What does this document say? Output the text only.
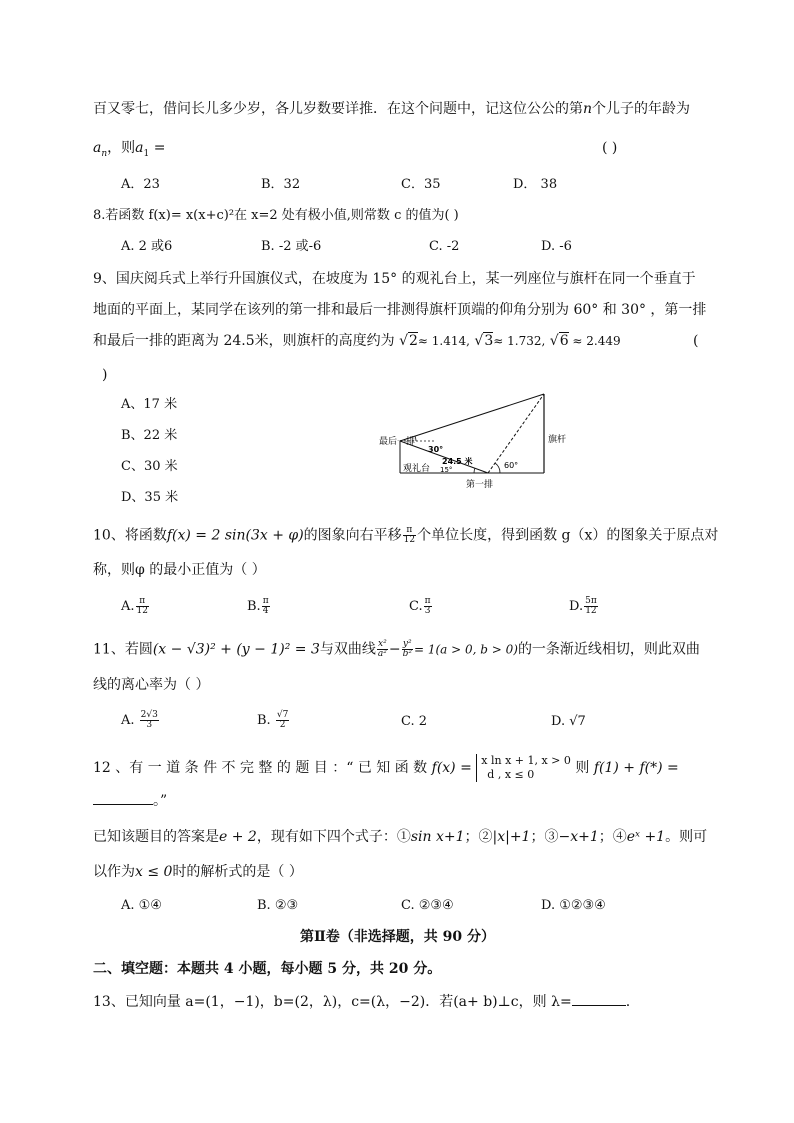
百又零七，借问长儿多少岁，各儿岁数要详推．在这个问题中，记这位公公的第n个儿子的年龄为
$a_n$，则$a_1$ =	( )
A．23	B．32	C．35	D． 38
8.若函数 f(x)= x(x+c)²在 x=2 处有极小值,则常数 c 的值为( )
A. 2 或6	B. -2 或-6	C. -2	D. -6
9、国庆阅兵式上举行升国旗仪式，在坡度为 15° 的观礼台上，某一列座位与旗杆在同一个垂直于
地面的平面上，某同学在该列的第一排和最后一排测得旗杆顶端的仰角分别为 60° 和 30° ，第一排
和最后一排的距离为 24.5米，则旗杆的高度约为 √2≈ 1.414, √3≈ 1.732, √6 ≈ 2.449	(
)
A、17 米
B、22 米
C、30 米
D、35 米
最后一排	旗杆
30°
24.5 米
观礼台 15°
第一排
60°
10、将函数f(x) = 2 sin(3x + φ)的图象向右平移 $\frac{\pi}{12}$ 个单位长度，得到函数 g（x）的图象关于原点对
称，则φ 的最小正值为（ ）
A. $\frac{\pi}{12}$	B. $\frac{\pi}{4}$	C. $\frac{\pi}{3}$	D. $\frac{5\pi}{12}$
11、若圆(x − √3)² + (y − 1)² = 3与双曲线 $\frac{\text{x²}}{\text{a²}} - \frac{\text{y²}}{\text{b²}} = 1(a > 0$, b > 0)的一条渐近线相切，则此双曲
线的离心率为（ ）
A. $\frac{2√3}{3}$	B. $\frac{√7}{2}$	C. 2	D. √7
12 、有 一 道 条 件 不 完 整 的 题 目 ：“ 已 知 函 数 f(x) = x ln x + 1, x > 0
d , x ≤ 0	则 f(1) + f(*) =
。”
已知该题目的答案是e + 2，现有如下四个式子：①sin x+1；②|x|+1；③−x+1；④eˣ +1。则可
以作为x ≤ 0时的解析式的是（ ）
A. ①④	B. ②③	C. ②③④	D. ①②③④
第Ⅱ卷（非选择题，共 90 分）
二、填空题：本题共 4 小题，每小题 5 分，共 20 分。
13、已知向量 a=(1，−1)，b=(2，λ)，c=(λ，−2)．若(a+ b)⊥c，则 λ=	.
